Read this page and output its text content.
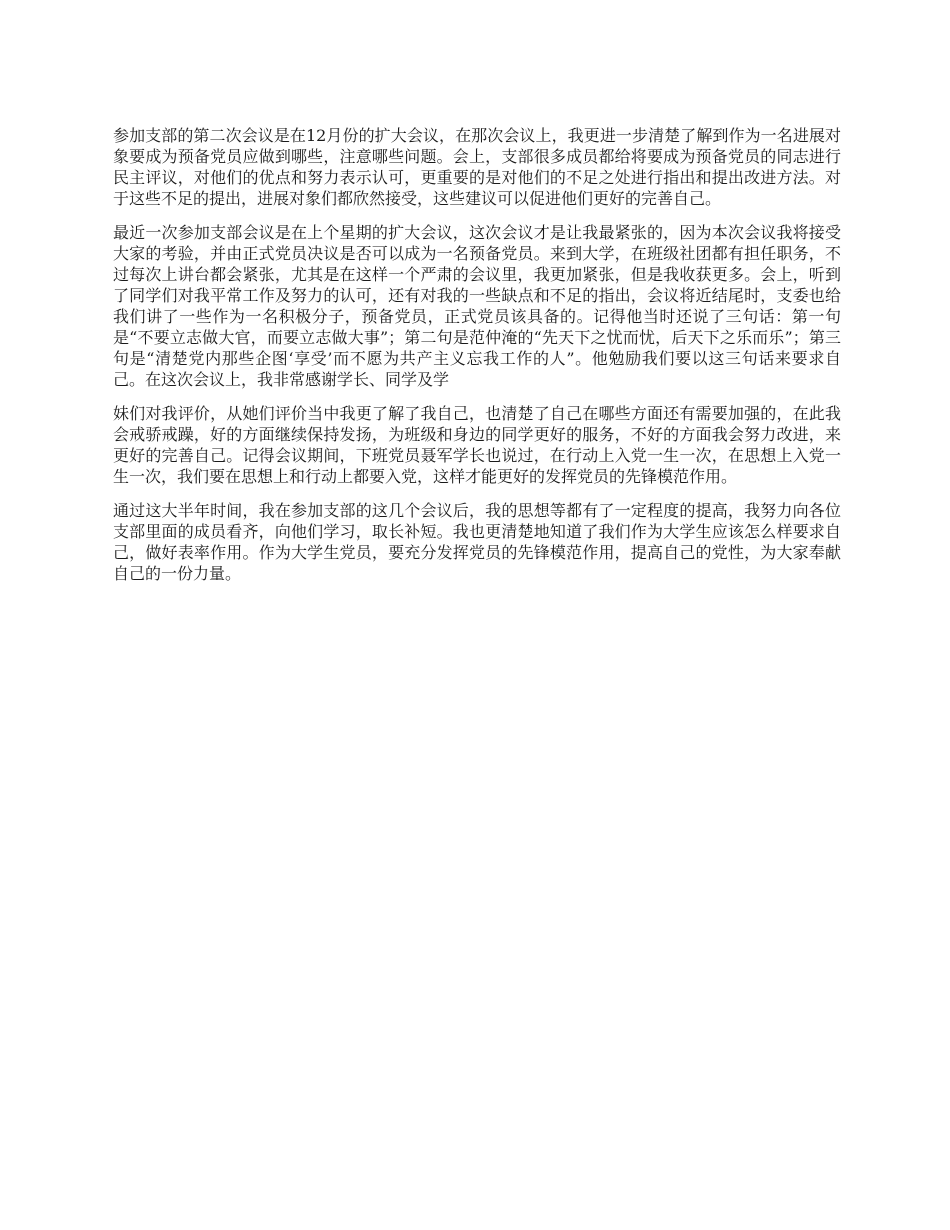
参加支部的第二次会议是在12月份的扩大会议，在那次会议上，我更进一步清楚了解到作为一名进展对象要成为预备党员应做到哪些，注意哪些问题。会上，支部很多成员都给将要成为预备党员的同志进行民主评议，对他们的优点和努力表示认可，更重要的是对他们的不足之处进行指出和提出改进方法。对于这些不足的提出，进展对象们都欣然接受，这些建议可以促进他们更好的完善自己。

最近一次参加支部会议是在上个星期的扩大会议，这次会议才是让我最紧张的，因为本次会议我将接受大家的考验，并由正式党员决议是否可以成为一名预备党员。来到大学，在班级社团都有担任职务，不过每次上讲台都会紧张，尤其是在这样一个严肃的会议里，我更加紧张，但是我收获更多。会上，听到了同学们对我平常工作及努力的认可，还有对我的一些缺点和不足的指出，会议将近结尾时，支委也给我们讲了一些作为一名积极分子，预备党员，正式党员该具备的。记得他当时还说了三句话：第一句是“不要立志做大官，而要立志做大事”；第二句是范仲淹的“先天下之忧而忧，后天下之乐而乐”；第三句是“清楚党内那些企图‘享受’而不愿为共产主义忘我工作的人”。他勉励我们要以这三句话来要求自己。在这次会议上，我非常感谢学长、同学及学

妹们对我评价，从她们评价当中我更了解了我自己，也清楚了自己在哪些方面还有需要加强的，在此我会戒骄戒躁，好的方面继续保持发扬，为班级和身边的同学更好的服务，不好的方面我会努力改进，来更好的完善自己。记得会议期间，下班党员聂军学长也说过，在行动上入党一生一次，在思想上入党一生一次，我们要在思想上和行动上都要入党，这样才能更好的发挥党员的先锋模范作用。

通过这大半年时间，我在参加支部的这几个会议后，我的思想等都有了一定程度的提高，我努力向各位支部里面的成员看齐，向他们学习，取长补短。我也更清楚地知道了我们作为大学生应该怎么样要求自己，做好表率作用。作为大学生党员，要充分发挥党员的先锋模范作用，提高自己的党性，为大家奉献自己的一份力量。
